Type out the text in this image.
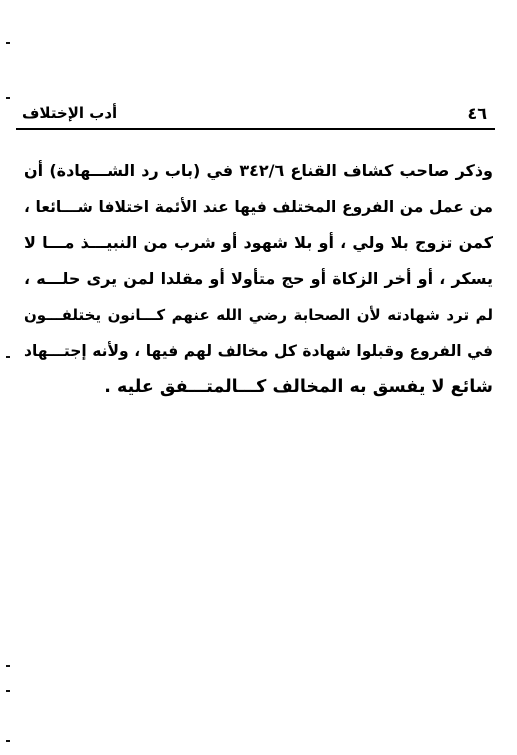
أدب الإختلاف	٤٦
وذكر صاحب كشاف القناع ٣٤٢/٦ في (باب رد الشـــهادة) أن
من عمل من الفروع المختلف فيها عند الأئمة اختلافا شـــائعا ،
كمن تزوج بلا ولي ، أو بلا شهود أو شرب من النبيـــذ مـــا لا
يسكر ، أو أخر الزكاة أو حج متأولا أو مقلدا لمن يرى حلـــه ،
لم ترد شهادته لأن الصحابة رضي الله عنهم كـــانون يختلفـــون
في الفروع وقبلوا شهادة كل مخالف لهم فيها ، ولأنه إجتـــهاد
شائع لا يفسق به المخالف كـــالمتـــفق عليه .
